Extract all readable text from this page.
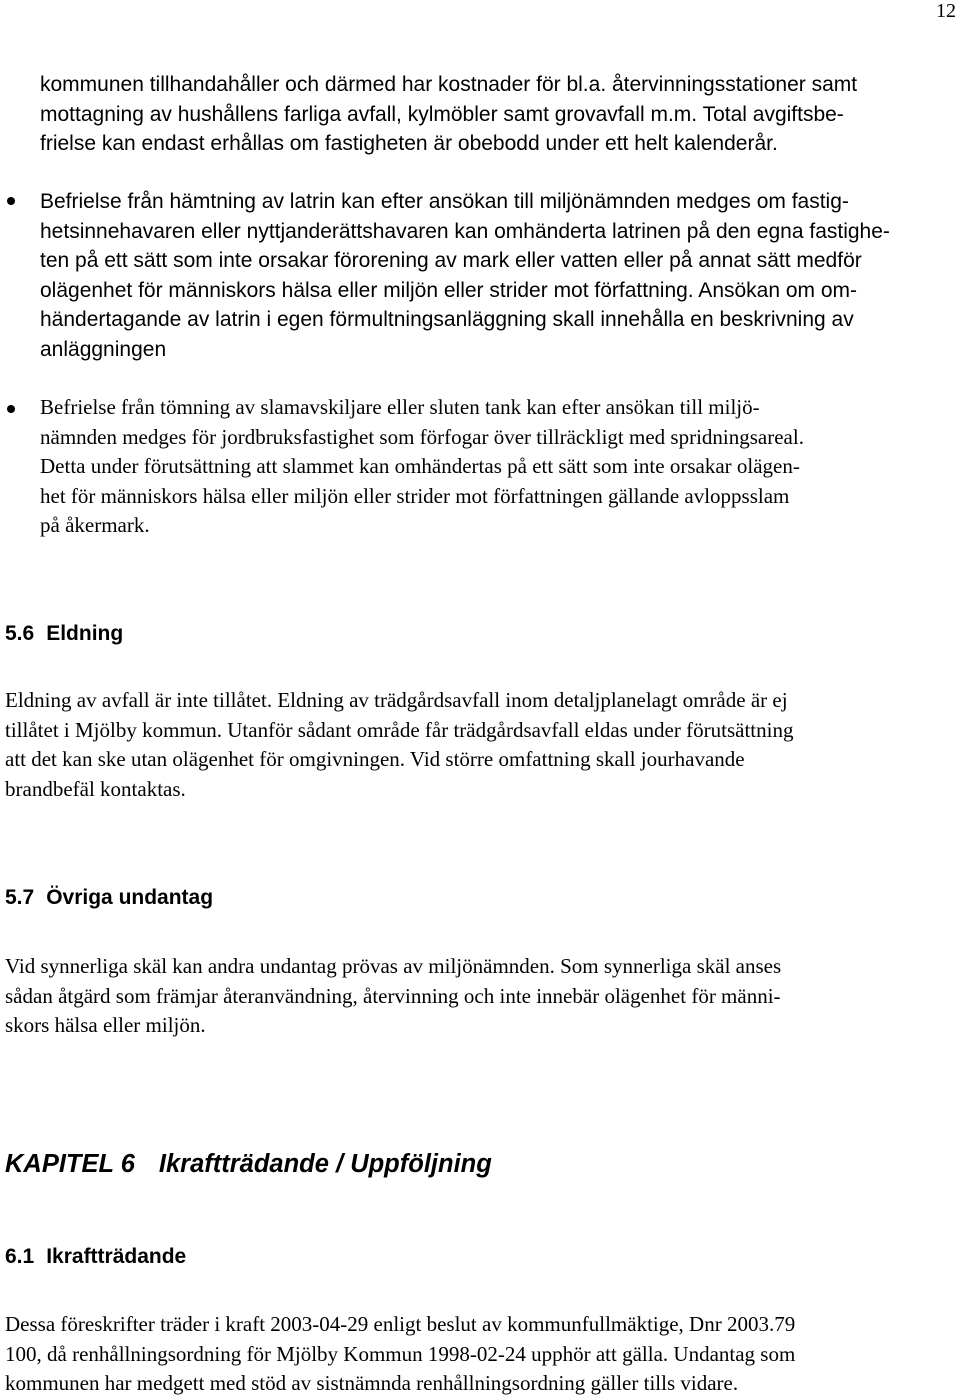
12
kommunen tillhandahåller och därmed har kostnader för bl.a. återvinningsstationer samt
mottagning av hushållens farliga avfall, kylmöbler samt grovavfall m.m. Total avgiftsbe-
frielse kan endast erhållas om fastigheten är obebodd under ett helt kalenderår.
Befrielse från hämtning av latrin kan efter ansökan till miljönämnden medges om fastig-
hetsinnehavaren eller nyttjanderättshavaren kan omhänderta latrinen på den egna fastighe-
ten på ett sätt som inte orsakar förorening av mark eller vatten eller på annat sätt medför
olägenhet för människors hälsa eller miljön eller strider mot författning. Ansökan om om-
händertagande av latrin i egen förmultningsanläggning skall innehålla en beskrivning av
anläggningen
Befrielse från tömning av slamavskiljare eller sluten tank kan efter ansökan till miljö-
nämnden medges för jordbruksfastighet som förfogar över tillräckligt med spridningsareal.
Detta under förutsättning att slammet kan omhändertas på ett sätt som inte orsakar olägen-
het för människors hälsa eller miljön eller strider mot författningen gällande avloppsslam
på åkermark.
5.6 Eldning
Eldning av avfall är inte tillåtet. Eldning av trädgårdsavfall inom detaljplanelagt område är ej
tillåtet i Mjölby kommun. Utanför sådant område får trädgårdsavfall eldas under förutsättning
att det kan ske utan olägenhet för omgivningen. Vid större omfattning skall jourhavande
brandbefäl kontaktas.
5.7 Övriga undantag
Vid synnerliga skäl kan andra undantag prövas av miljönämnden. Som synnerliga skäl anses
sådan åtgärd som främjar återanvändning, återvinning och inte innebär olägenhet för männi-
skors hälsa eller miljön.
KAPITEL 6 Ikraftträdande / Uppföljning
6.1 Ikraftträdande
Dessa föreskrifter träder i kraft 2003-04-29 enligt beslut av kommunfullmäktige, Dnr 2003.79
100, då renhållningsordning för Mjölby Kommun 1998-02-24 upphör att gälla. Undantag som
kommunen har medgett med stöd av sistnämnda renhållningsordning gäller tills vidare.
